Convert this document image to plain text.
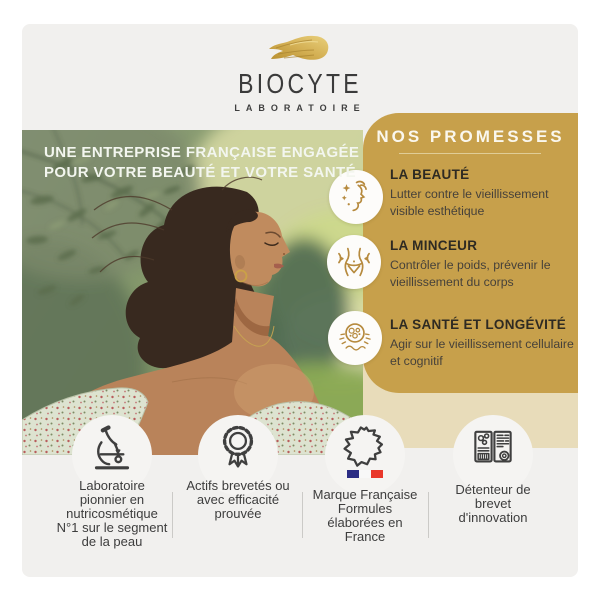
BIOCYTE
LABORATOIRE
UNE ENTREPRISE FRANÇAISE ENGAGÉE
POUR VOTRE BEAUTÉ ET VOTRE SANTÉ
NOS PROMESSES
LA BEAUTÉ
Lutter contre le vieillissement
visible esthétique
LA MINCEUR
Contrôler le poids, prévenir le
vieillissement du corps
LA SANTÉ ET LONGÉVITÉ
Agir sur le vieillissement cellulaire
et cognitif
Laboratoire
pionnier en
nutricosmétique
N°1 sur le segment
de la peau
Actifs brevetés ou
avec efficacité
prouvée
Marque Française
Formules
élaborées en
France
Détenteur de
brevet
d'innovation
